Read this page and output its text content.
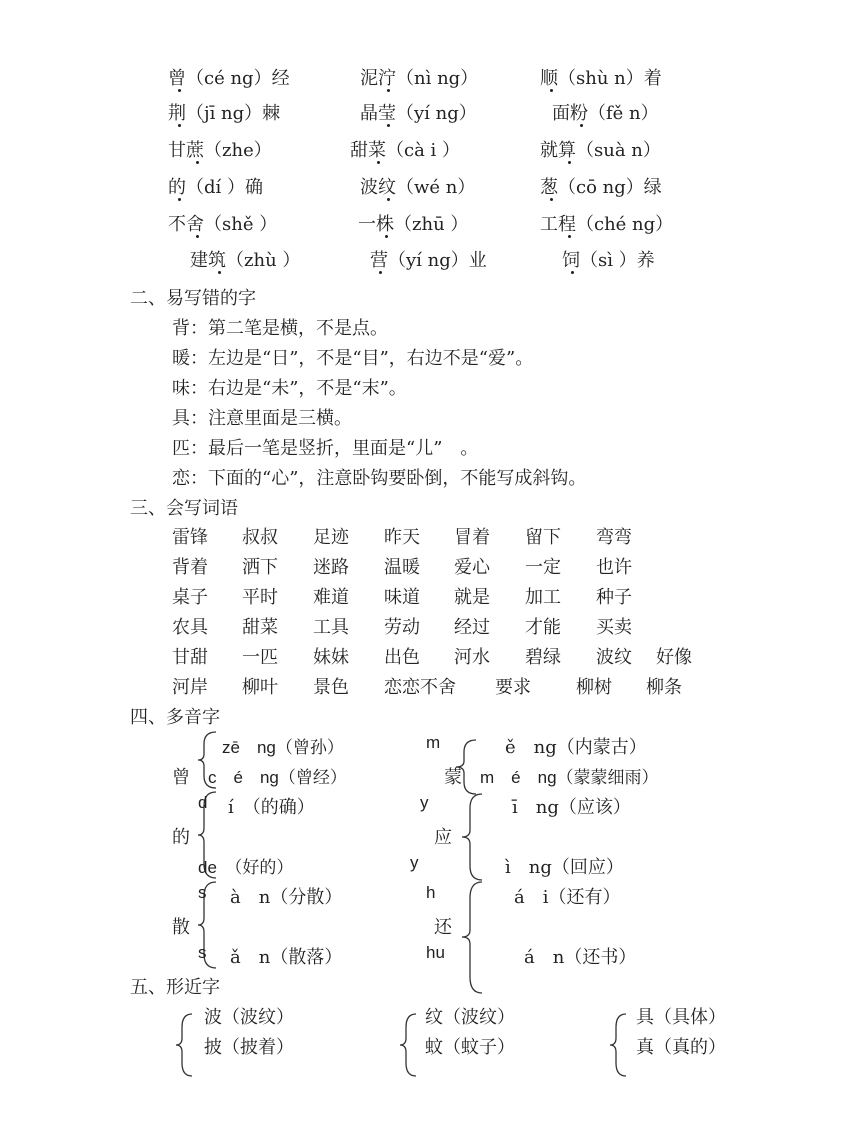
曾（cé ng）经	泥泞（nì ng）	顺（shù n）着
荆（jī ng）棘	晶莹（yí ng）	面粉（fě n）
甘蔗（zhe）	甜菜（cà i ）	就算（suà n）
的（dí ）确	波纹（wé n）	葱（cō ng）绿
不舍（shě ）	一株（zhū ）	工程（ché ng）
建筑（zhù ）	营（yí ng）业	饲（sì ）养
二、易写错的字
背：第二笔是横，不是点。
暖：左边是“日”，不是“目”，右边不是“爱”。
味：右边是“未”，不是“末”。
具：注意里面是三横。
匹：最后一笔是竖折，里面是“儿”　。
恋：下面的“心”，注意卧钩要卧倒，不能写成斜钩。
三、会写词语
雷锋 叔叔 足迹 昨天 冒着 留下 弯弯
背着 洒下 迷路 温暖 爱心 一定 也许
桌子 平时 难道 味道 就是 加工 种子
农具 甜菜 工具 劳动 经过 才能 买卖
甘甜 一匹 妹妹 出色 河水 碧绿 波纹 好像
河岸 柳叶 景色 恋恋不舍 要求	柳树 柳条
四、多音字
曾
zē　ng（曾孙）
c　é　ng（曾经）
的
d í　（的确）
de　（好的）
散
s à　n（分散）
s ǎ　n（散落）
m	ě　ng（内蒙古）
蒙 m　é　ng（蒙蒙细雨）
y	ī　ng（应该）
应
y	ì　ng（回应）
h	á　i（还有）
还
hu	á　n（还书）
五、形近字
波（波纹）
披（披着）
纹（波纹）
蚊（蚊子）
具（具体）
真（真的）
